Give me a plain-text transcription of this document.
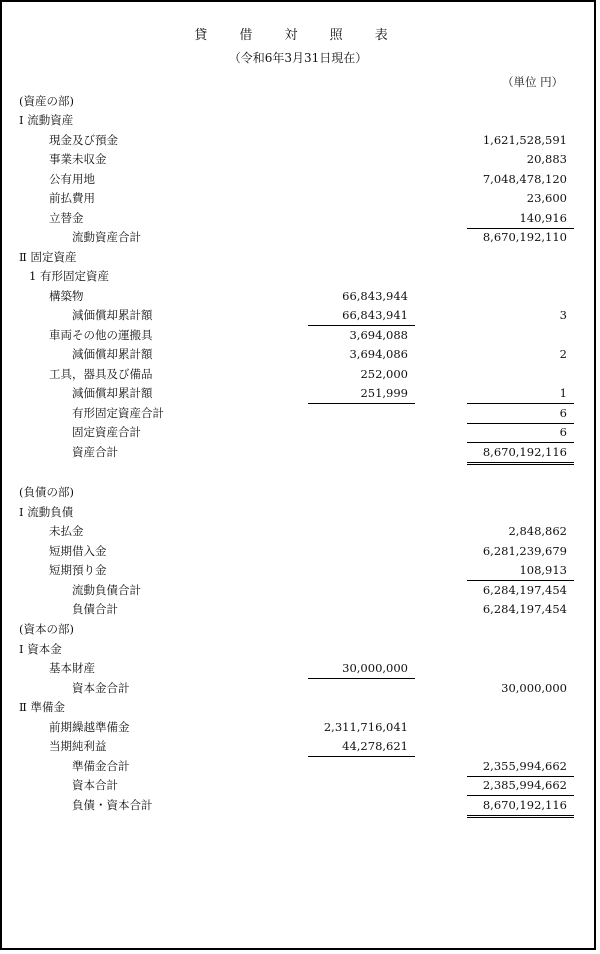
貸 借 対 照 表
（令和6年3月31日現在）
（単位 円）
(資産の部)
Ⅰ 流動資産
現金及び預金	1,621,528,591
事業未収金	20,883
公有用地	7,048,478,120
前払費用	23,600
立替金	140,916
流動資産合計	8,670,192,110
Ⅱ 固定資産
1 有形固定資産
構築物	66,843,944
減価償却累計額	66,843,941	3
車両その他の運搬具	3,694,088
減価償却累計額	3,694,086	2
工具，器具及び備品	252,000
減価償却累計額	251,999	1
有形固定資産合計	6
固定資産合計	6
資産合計	8,670,192,116
(負債の部)
Ⅰ 流動負債
未払金	2,848,862
短期借入金	6,281,239,679
短期預り金	108,913
流動負債合計	6,284,197,454
負債合計	6,284,197,454
(資本の部)
Ⅰ 資本金
基本財産	30,000,000
資本金合計	30,000,000
Ⅱ 準備金
前期繰越準備金	2,311,716,041
当期純利益	44,278,621
準備金合計	2,355,994,662
資本合計	2,385,994,662
負債・資本合計	8,670,192,116
